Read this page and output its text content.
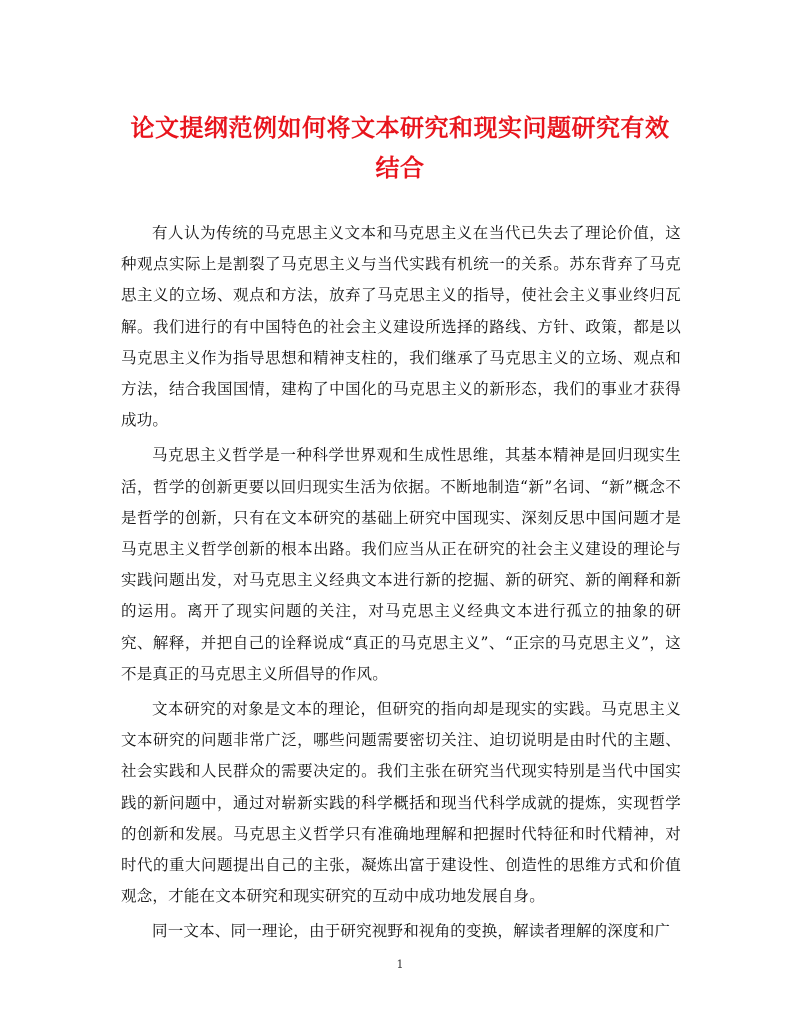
论文提纲范例如何将文本研究和现实问题研究有效结合

有人认为传统的马克思主义文本和马克思主义在当代已失去了理论价值，这种观点实际上是割裂了马克思主义与当代实践有机统一的关系。苏东背弃了马克思主义的立场、观点和方法，放弃了马克思主义的指导，使社会主义事业终归瓦解。我们进行的有中国特色的社会主义建设所选择的路线、方针、政策，都是以马克思主义作为指导思想和精神支柱的，我们继承了马克思主义的立场、观点和方法，结合我国国情，建构了中国化的马克思主义的新形态，我们的事业才获得成功。

马克思主义哲学是一种科学世界观和生成性思维，其基本精神是回归现实生活，哲学的创新更要以回归现实生活为依据。不断地制造“新”名词、“新”概念不是哲学的创新，只有在文本研究的基础上研究中国现实、深刻反思中国问题才是马克思主义哲学创新的根本出路。我们应当从正在研究的社会主义建设的理论与实践问题出发，对马克思主义经典文本进行新的挖掘、新的研究、新的阐释和新的运用。离开了现实问题的关注，对马克思主义经典文本进行孤立的抽象的研究、解释，并把自己的诠释说成“真正的马克思主义”、“正宗的马克思主义”，这不是真正的马克思主义所倡导的作风。

文本研究的对象是文本的理论，但研究的指向却是现实的实践。马克思主义文本研究的问题非常广泛，哪些问题需要密切关注、迫切说明是由时代的主题、社会实践和人民群众的需要决定的。我们主张在研究当代现实特别是当代中国实践的新问题中，通过对崭新实践的科学概括和现当代科学成就的提炼，实现哲学的创新和发展。马克思主义哲学只有准确地理解和把握时代特征和时代精神，对时代的重大问题提出自己的主张，凝炼出富于建设性、创造性的思维方式和价值观念，才能在文本研究和现实研究的互动中成功地发展自身。

同一文本、同一理论，由于研究视野和视角的变换，解读者理解的深度和广

1
